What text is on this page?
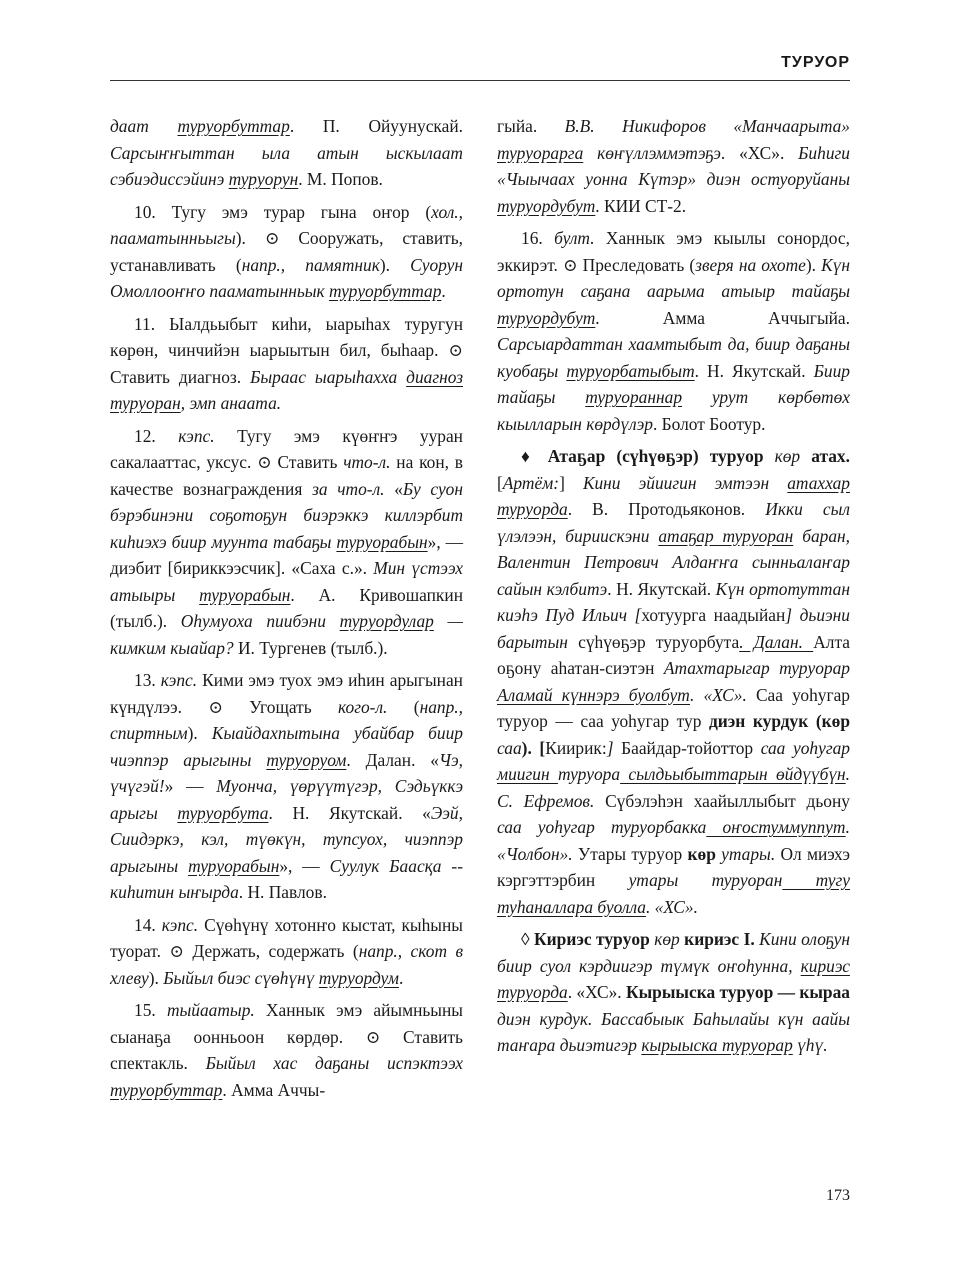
ТУРУОР

даат турyорбуттар. П. Ойуунускай. Сарсыҥҥыттан ыла атын ыскылаат сэбиэдиссэйинэ турyорун. М. Попов.

10. Тугу эмэ турар гына оҥор (хол., пааматынньыгы). ⊙ Сооружать, ставить, устанавливать (напр., памятник). Суорун Омоллооҥҥо пааматынньык турyорбуттар.

11. Ыалдьыбыт киһи, ыарыһах туругун көрөн, чинчийэн ыарыытын бил, быһаар. ⊙ Ставить диагноз. Бырааc ыарыһахха диагноз турyоран, эмп анаата.

12. кэпс. Тугу эмэ күөҥҥэ ууран сакалааттас, уксус. ⊙ Ставить что-л. на кон, в качестве вознаграждения за что-л. «Бу суон бэрэбинэни соҕотоҕун биэрэккэ киллэрбит киһиэхэ биир муунта табаҕы турyорабын», — диэбит [бириккээсчик]. «Саха с.». Мин үстээх атыыры турyорабын. А. Кривошапкин (тылб.). Оһумуоха пиибэни турyордулар — кимким кыайар? И. Тургенев (тылб.).

13. кэпс. Кими эмэ туох эмэ иһин арыгынан күндүлээ. ⊙ Угощать кого-л. (напр., спиртным). Кыайдахпытына убайбар биир чиэппэр арыгыны турyоруом. Далан. «Чэ, үчүгэй!» — Муонча, үөрүүтүгэр, Сэдьүккэ арыгы турyорбута. Н. Якутскай. «Ээй, Сиидэркэ, кэл, түөкүн, тупсуох, чиэппэр арыгыны турyорабын», — Суулук Баасқа -- киһитин ыҥырда. Н. Павлов.

14. кэпс. Сүөһүнү хотонҥо кыстат, кыһыны туорат. ⊙ Держать, содержать (напр., скот в хлеву). Быйыл биэс сүөһүнү турyордум.

15. тыйаатыр. Ханнык эмэ айымньыны сыанаҕа оонньоон көрдөр. ⊙ Ставить спектакль. Быйыл хас даҕаны испэктээх турyорбуттар. Амма Аччы-

гыйа. В.В. Никифоров «Манчаарыта» турyорарга көҥүллэммэтэҕэ. «ХС». Биһиги «Чыычаах уонна Күтэр» диэн остуоруйаны турyордубут. КИИ СТ-2.

16. булт. Ханнык эмэ кыылы сонордос, эккирэт. ⊙ Преследовать (зверя на охоте). Күн ортотун саҕана аарыма атыыр тайаҕы турyордубут. Амма Аччыгыйа. Сарсыардаттан хаамтыбыт да, биир даҕаны куобаҕы турyорбатыбыт. Н. Якутскай. Биир тайаҕы турyораннар урут көрбөтөх кыылларын көрдүлэр. Болот Боотур.

♦ Атаҕар (сүһүөҕэр) турyор көр атах. [Артём:] Кини эйиигин эмтээн атаххар турyорда. В. Протодьяконов. Икки сыл үлэлээн, бириискэни атаҕар турyоран баран, Валентин Петрович Алдаҥҥа сынньалаҥар сайын кэлбитэ. Н. Якутскай. Күн ортотуттан киэһэ Пуд Ильич [хотуурга наадыйан] дьиэни барытын сүһүөҕэр турyорбута. Далан. Алта оҕону аһатан-сиэтэн Атахтарыгар турyорар Аламай күннэрэ буолбут. «ХС». Саа уоһугар турyор — саа уоһугар тур диэн курдук (көр саа). [Киирик:] Баайдар-тойоттор саа уоһугар миигин турyора сылдьыбыттарын өйдүүбүн. С. Ефремов. Сүбэлэһэн хаайыллыбыт дьону саа уоһугар турyорбакка оҥостуммуппут. «Чолбон». Утары турyор көр утары. Ол миэхэ кэргэттэрбин утары турyоран тугу туһаналлара буолла. «ХС».

◊ Кириэс турyор көр кириэс I. Кини олоҕун биир суол кэрдиигэр түмүк оҥоһунна, кириэс турyорда. «ХС». Кырыыска турyор — кыраа диэн курдук. Бассабыык Баһылайы күн аайы таҥара дьиэтигэр кырыыска турyорар үһү.

173
